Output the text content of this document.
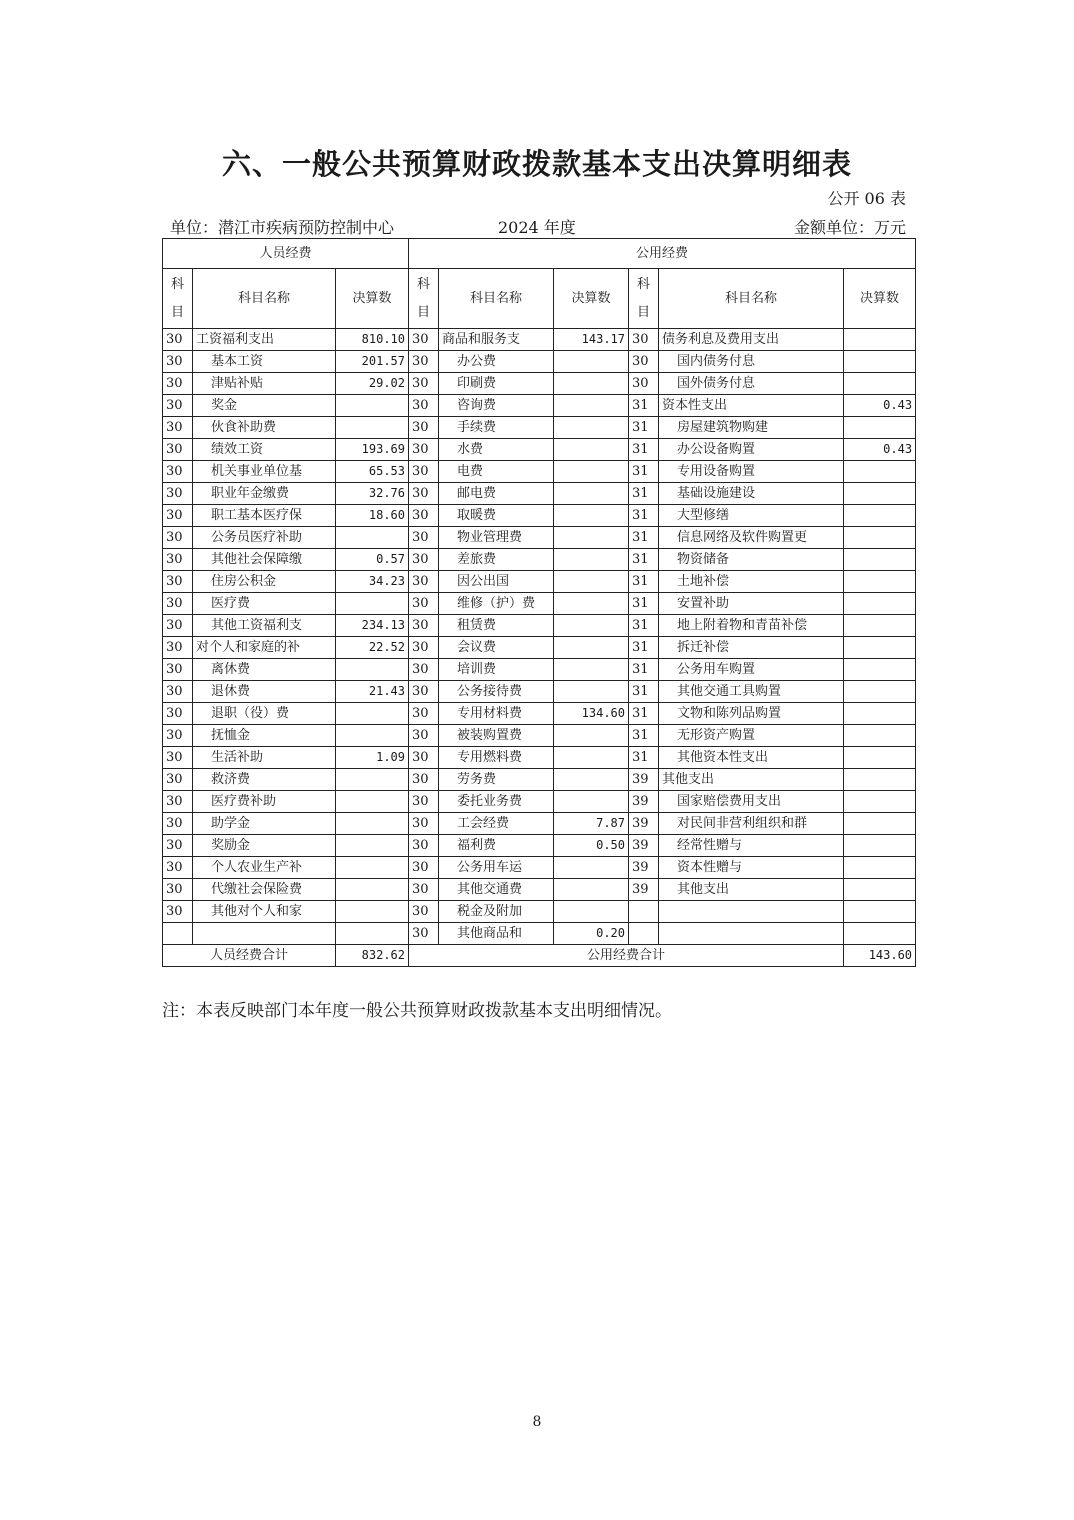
六、一般公共预算财政拨款基本支出决算明细表
公开 06 表
单位：潜江市疾病预防控制中心	2024 年度	金额单位：万元
人员经费			公用经费					
科
目	科目名称	决算数	科
目	科目名称	决算数	科
目	科目名称	决算数
30	工资福利支出	810.10	30	商品和服务支	143.17	30	债务利息及费用支出	
30	基本工资	201.57	30	办公费		30	国内债务付息	
30	津贴补贴	29.02	30	印刷费		30	国外债务付息	
30	奖金		30	咨询费		31	资本性支出	0.43
30	伙食补助费		30	手续费		31	房屋建筑物购建	
30	绩效工资	193.69	30	水费		31	办公设备购置	0.43
30	机关事业单位基	65.53	30	电费		31	专用设备购置	
30	职业年金缴费	32.76	30	邮电费		31	基础设施建设	
30	职工基本医疗保	18.60	30	取暖费		31	大型修缮	
30	公务员医疗补助		30	物业管理费		31	信息网络及软件购置更	
30	其他社会保障缴	0.57	30	差旅费		31	物资储备	
30	住房公积金	34.23	30	因公出国		31	土地补偿	
30	医疗费		30	维修（护）费		31	安置补助	
30	其他工资福利支	234.13	30	租赁费		31	地上附着物和青苗补偿	
30	对个人和家庭的补	22.52	30	会议费		31	拆迁补偿	
30	离休费		30	培训费		31	公务用车购置	
30	退休费	21.43	30	公务接待费		31	其他交通工具购置	
30	退职（役）费		30	专用材料费	134.60	31	文物和陈列品购置	
30	抚恤金		30	被装购置费		31	无形资产购置	
30	生活补助	1.09	30	专用燃料费		31	其他资本性支出	
30	救济费		30	劳务费		39	其他支出	
30	医疗费补助		30	委托业务费		39	国家赔偿费用支出	
30	助学金		30	工会经费	7.87	39	对民间非营利组织和群	
30	奖励金		30	福利费	0.50	39	经常性赠与	
30	个人农业生产补		30	公务用车运		39	资本性赠与	
30	代缴社会保险费		30	其他交通费		39	其他支出	
30	其他对个人和家		30	税金及附加				
			30	其他商品和	0.20			
人员经费合计		832.62	公用经费合计					143.60
注：本表反映部门本年度一般公共预算财政拨款基本支出明细情况。
8
